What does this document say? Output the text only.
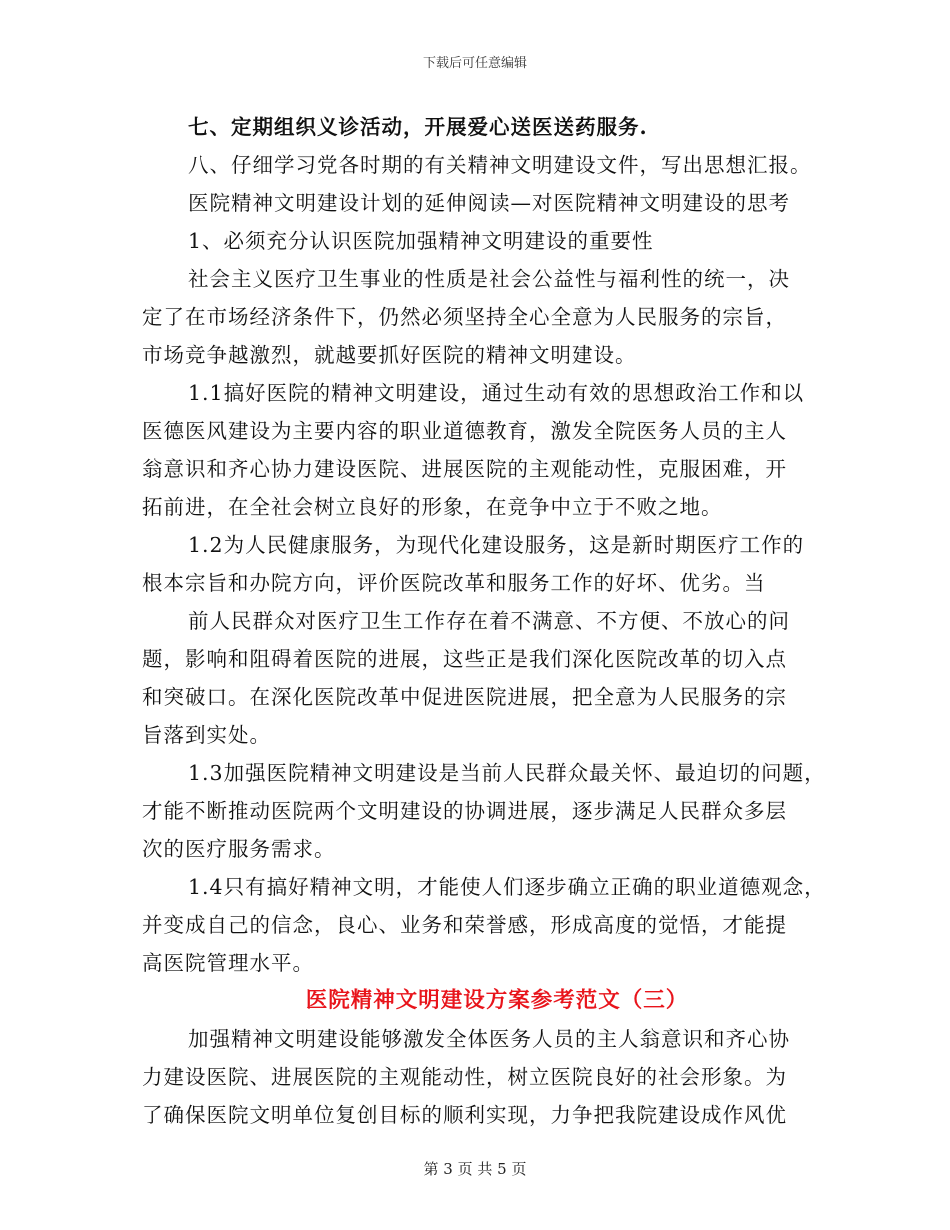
下载后可任意编辑
七、定期组织义诊活动，开展爱心送医送药服务.
八、仔细学习党各时期的有关精神文明建设文件，写出思想汇报。
医院精神文明建设计划的延伸阅读—对医院精神文明建设的思考
1、必须充分认识医院加强精神文明建设的重要性
社会主义医疗卫生事业的性质是社会公益性与福利性的统一，决
定了在市场经济条件下，仍然必须坚持全心全意为人民服务的宗旨，
市场竞争越激烈，就越要抓好医院的精神文明建设。
1.1搞好医院的精神文明建设，通过生动有效的思想政治工作和以
医德医风建设为主要内容的职业道德教育，激发全院医务人员的主人
翁意识和齐心协力建设医院、进展医院的主观能动性，克服困难，开
拓前进，在全社会树立良好的形象，在竞争中立于不败之地。
1.2为人民健康服务，为现代化建设服务，这是新时期医疗工作的
根本宗旨和办院方向，评价医院改革和服务工作的好坏、优劣。当
前人民群众对医疗卫生工作存在着不满意、不方便、不放心的问
题，影响和阻碍着医院的进展，这些正是我们深化医院改革的切入点
和突破口。在深化医院改革中促进医院进展，把全意为人民服务的宗
旨落到实处。
1.3加强医院精神文明建设是当前人民群众最关怀、最迫切的问题，
才能不断推动医院两个文明建设的协调进展，逐步满足人民群众多层
次的医疗服务需求。
1.4只有搞好精神文明，才能使人们逐步确立正确的职业道德观念，
并变成自己的信念，良心、业务和荣誉感，形成高度的觉悟，才能提
高医院管理水平。
医院精神文明建设方案参考范文（三）
加强精神文明建设能够激发全体医务人员的主人翁意识和齐心协
力建设医院、进展医院的主观能动性，树立医院良好的社会形象。为
了确保医院文明单位复创目标的顺利实现，力争把我院建设成作风优
第 3 页 共 5 页
